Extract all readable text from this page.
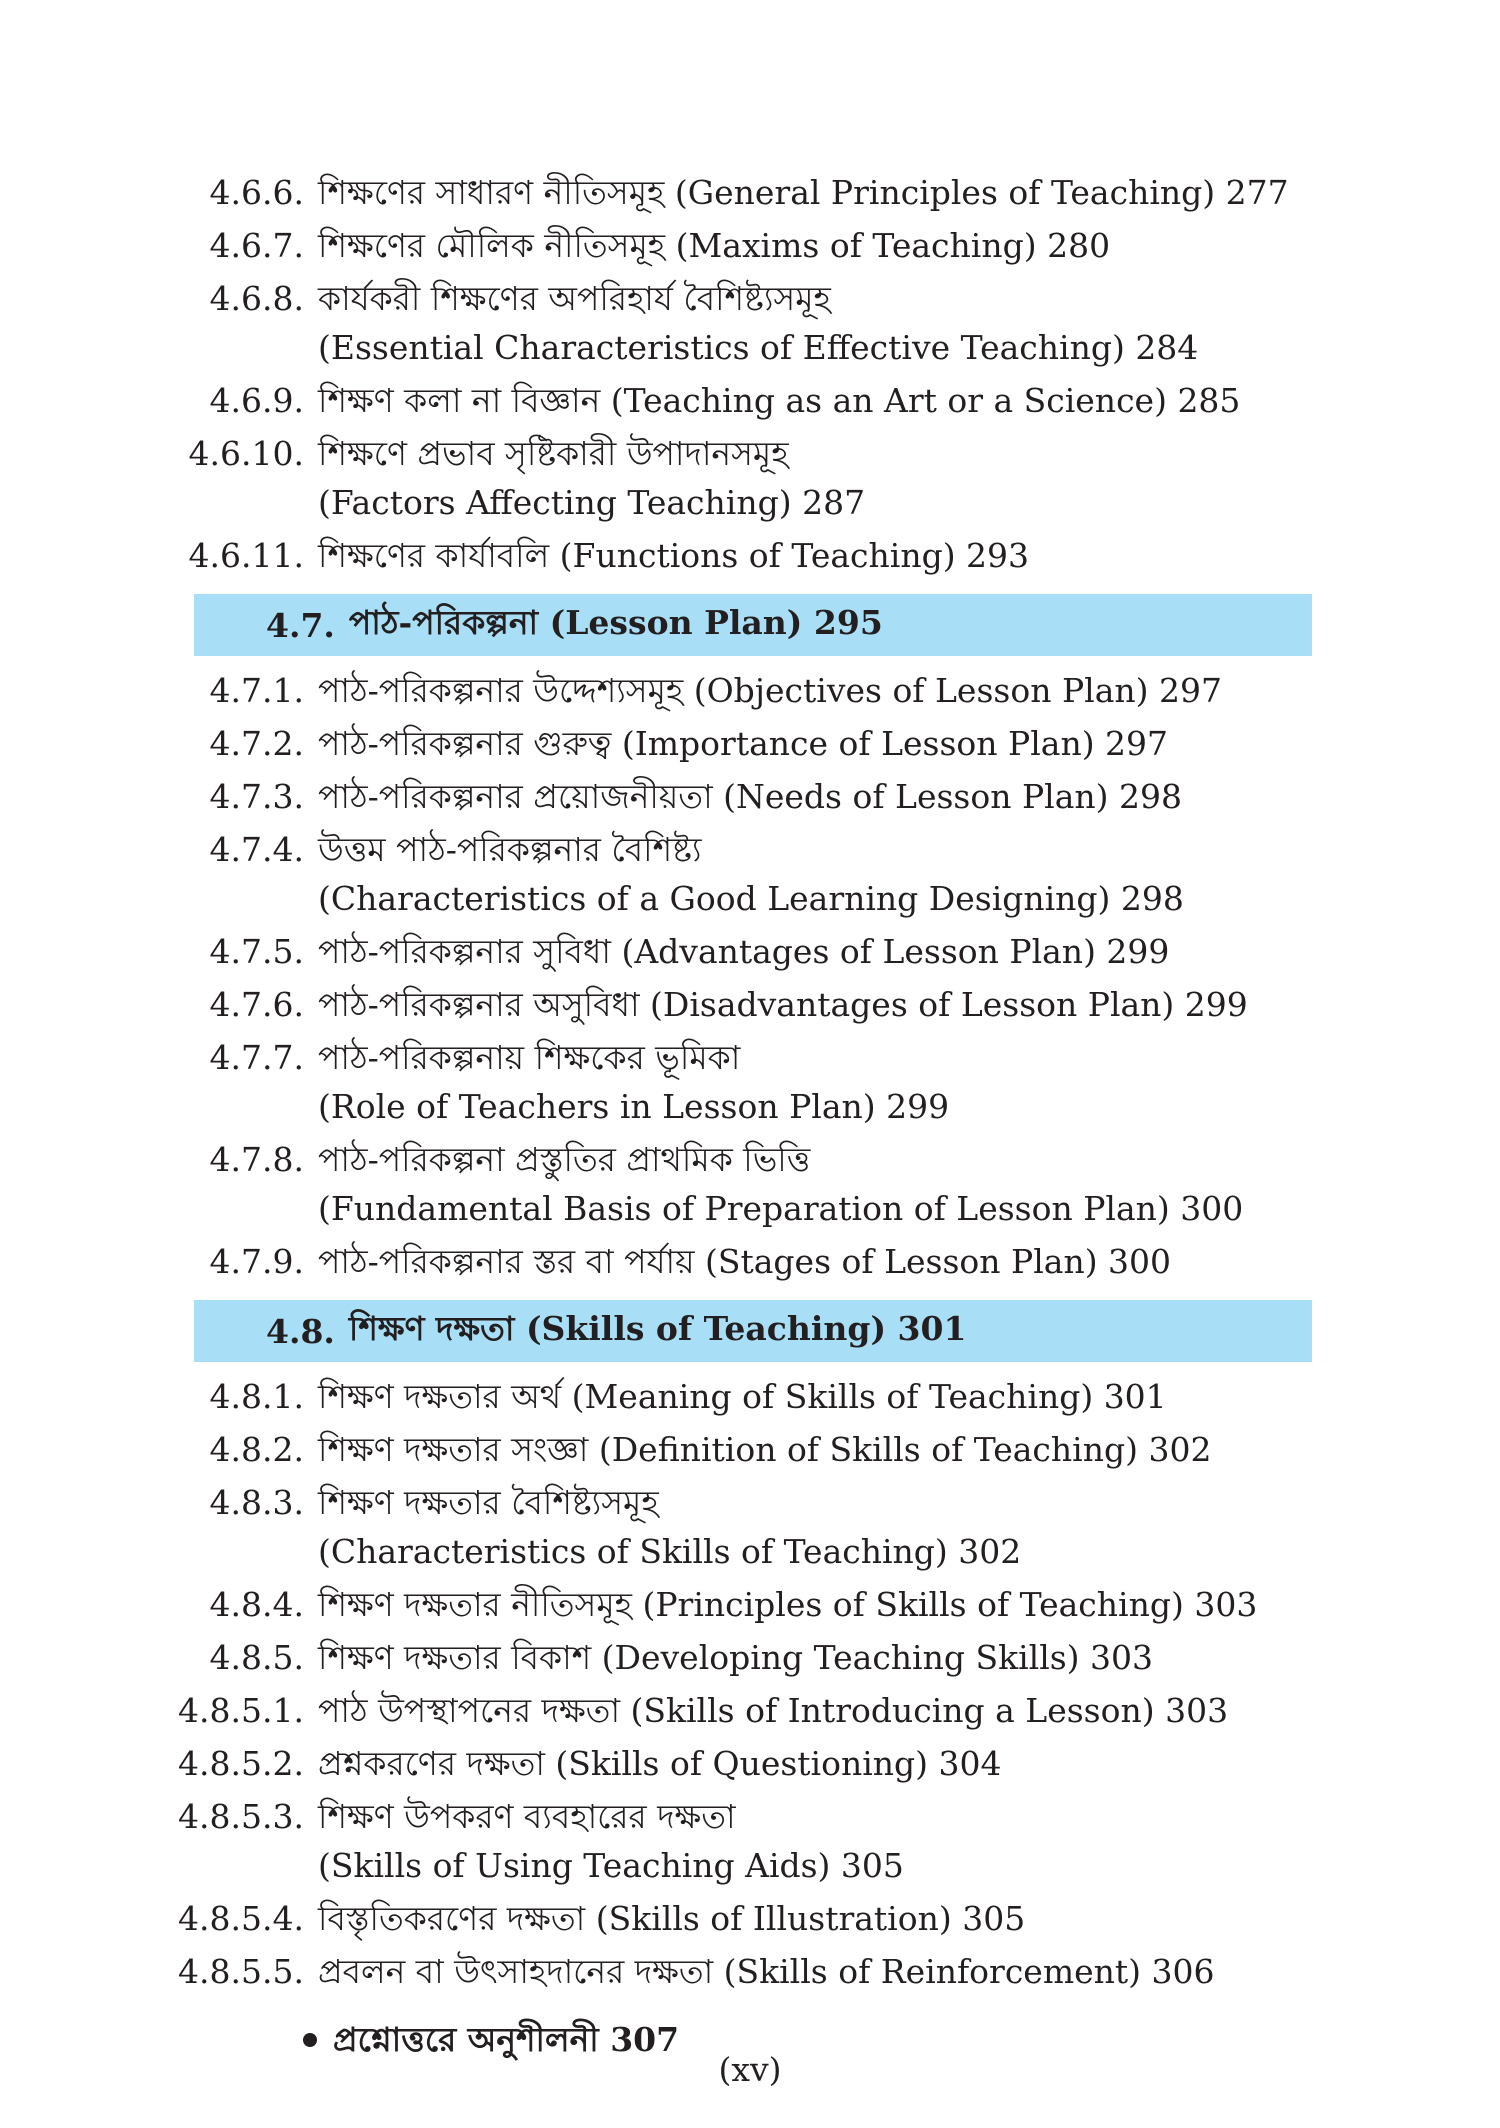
4.6.6. শিক্ষণের সাধারণ নীতিসমূহ (General Principles of Teaching) 277
4.6.7. শিক্ষণের মৌলিক নীতিসমূহ (Maxims of Teaching) 280
4.6.8. কার্যকরী শিক্ষণের অপরিহার্য বৈশিষ্ট্যসমূহ
(Essential Characteristics of Effective Teaching) 284
4.6.9. শিক্ষণ কলা না বিজ্ঞান (Teaching as an Art or a Science) 285
4.6.10. শিক্ষণে প্রভাব সৃষ্টিকারী উপাদানসমূহ
(Factors Affecting Teaching) 287
4.6.11. শিক্ষণের কার্যাবলি (Functions of Teaching) 293
4.7. পাঠ-পরিকল্পনা (Lesson Plan) 295
4.7.1. পাঠ-পরিকল্পনার উদ্দেশ্যসমূহ (Objectives of Lesson Plan) 297
4.7.2. পাঠ-পরিকল্পনার গুরুত্ব (Importance of Lesson Plan) 297
4.7.3. পাঠ-পরিকল্পনার প্রয়োজনীয়তা (Needs of Lesson Plan) 298
4.7.4. উত্তম পাঠ-পরিকল্পনার বৈশিষ্ট্য
(Characteristics of a Good Learning Designing) 298
4.7.5. পাঠ-পরিকল্পনার সুবিধা (Advantages of Lesson Plan) 299
4.7.6. পাঠ-পরিকল্পনার অসুবিধা (Disadvantages of Lesson Plan) 299
4.7.7. পাঠ-পরিকল্পনায় শিক্ষকের ভূমিকা
(Role of Teachers in Lesson Plan) 299
4.7.8. পাঠ-পরিকল্পনা প্রস্তুতির প্রাথমিক ভিত্তি
(Fundamental Basis of Preparation of Lesson Plan) 300
4.7.9. পাঠ-পরিকল্পনার স্তর বা পর্যায় (Stages of Lesson Plan) 300
4.8. শিক্ষণ দক্ষতা (Skills of Teaching) 301
4.8.1. শিক্ষণ দক্ষতার অর্থ (Meaning of Skills of Teaching) 301
4.8.2. শিক্ষণ দক্ষতার সংজ্ঞা (Definition of Skills of Teaching) 302
4.8.3. শিক্ষণ দক্ষতার বৈশিষ্ট্যসমূহ
(Characteristics of Skills of Teaching) 302
4.8.4. শিক্ষণ দক্ষতার নীতিসমূহ (Principles of Skills of Teaching) 303
4.8.5. শিক্ষণ দক্ষতার বিকাশ (Developing Teaching Skills) 303
4.8.5.1. পাঠ উপস্থাপনের দক্ষতা (Skills of Introducing a Lesson) 303
4.8.5.2. প্রশ্নকরণের দক্ষতা (Skills of Questioning) 304
4.8.5.3. শিক্ষণ উপকরণ ব্যবহারের দক্ষতা
(Skills of Using Teaching Aids) 305
4.8.5.4. বিস্তৃতিকরণের দক্ষতা (Skills of Illustration) 305
4.8.5.5. প্রবলন বা উৎসাহদানের দক্ষতা (Skills of Reinforcement) 306
প্রশ্নোত্তরে অনুশীলনী 307
(xv)
